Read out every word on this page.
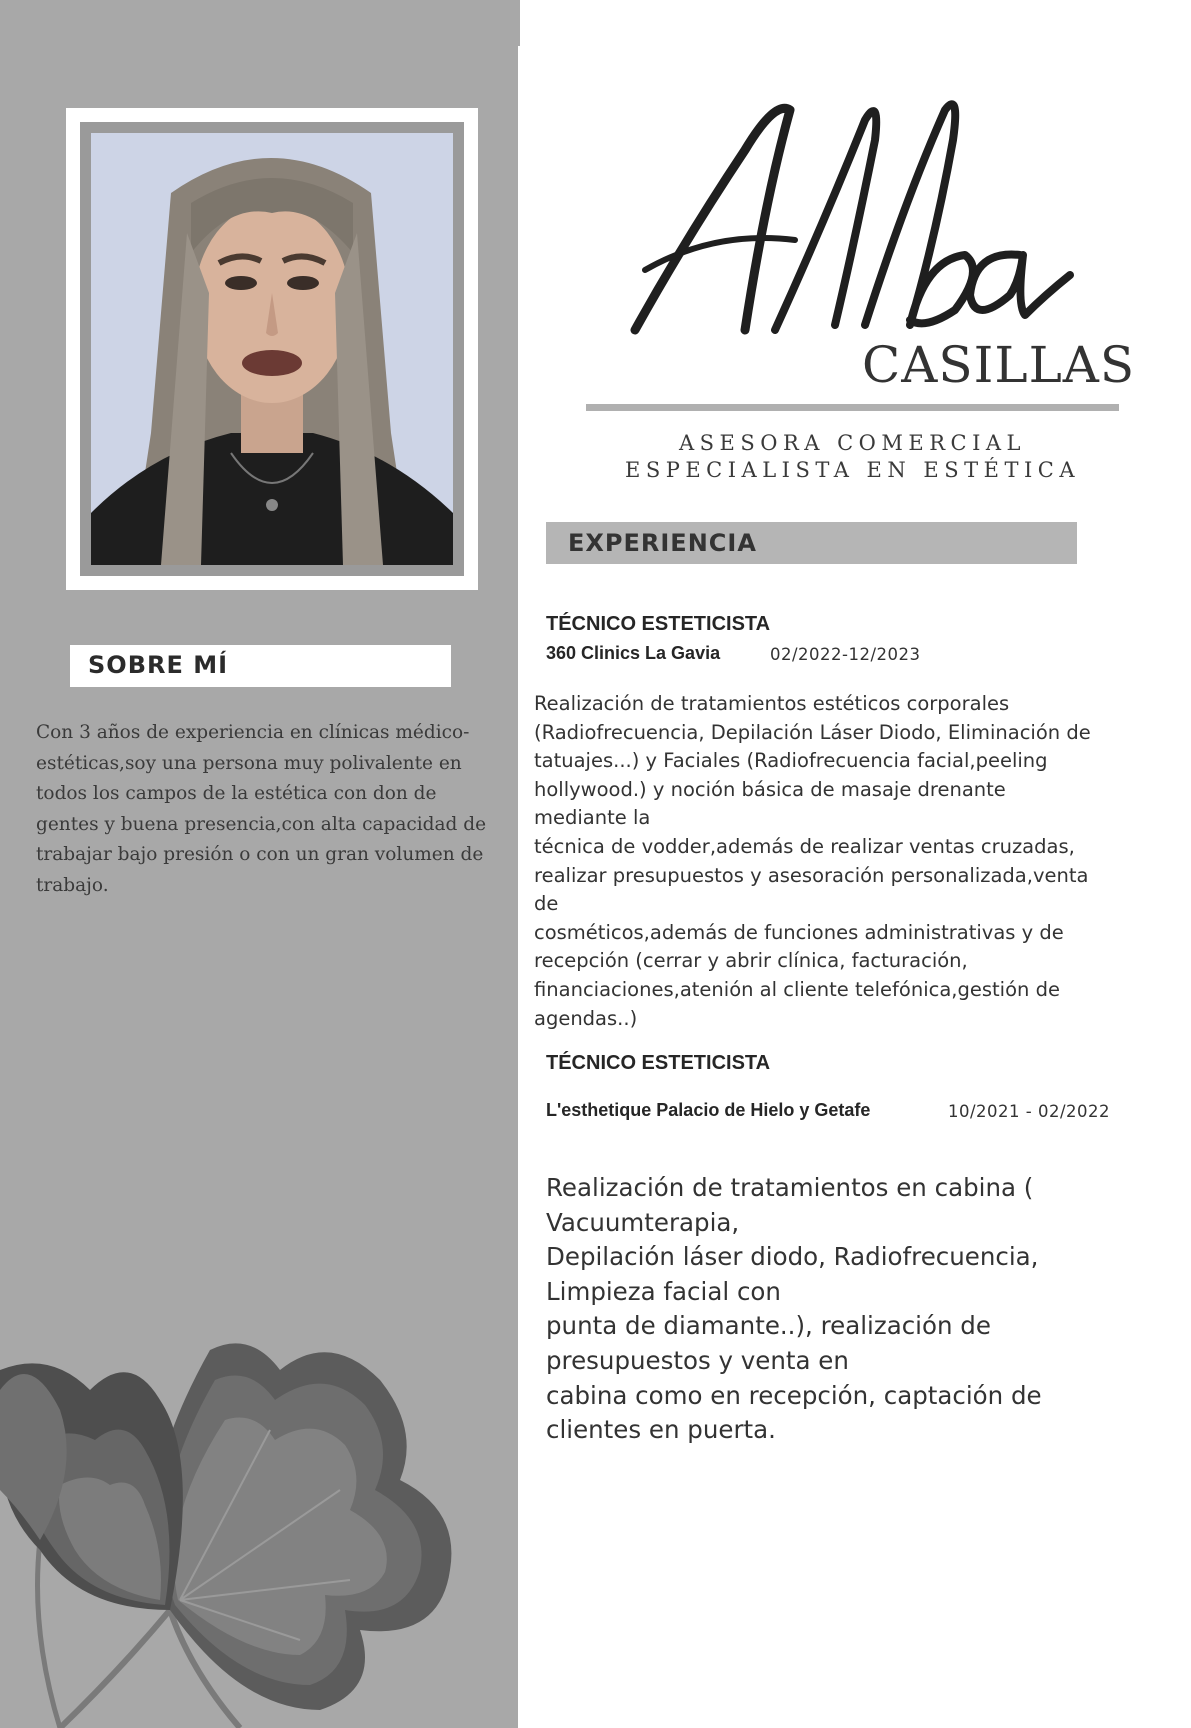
SOBRE MÍ

Con 3 años de experiencia en clínicas médico-estéticas,soy una persona muy polivalente en todos los campos de la estética con don de gentes y buena presencia,con alta capacidad de trabajar bajo presión o con un gran volumen de trabajo.

Alba
CASILLAS

ASESORA COMERCIAL
ESPECIALISTA EN ESTÉTICA

EXPERIENCIA
TÉCNICO ESTETICISTA
360 Clinics La Gavia	02/2022-12/2023
Realización de tratamientos estéticos corporales
(Radiofrecuencia, Depilación Láser Diodo, Eliminación de
tatuajes...) y Faciales (Radiofrecuencia facial,peeling
hollywood.) y noción básica de masaje drenante
mediante la
técnica de vodder,además de realizar ventas cruzadas,
realizar presupuestos y asesoración personalizada,venta
de
cosméticos,además de funciones administrativas y de
recepción (cerrar y abrir clínica, facturación,
financiaciones,atenión al cliente telefónica,gestión de
agendas..)
TÉCNICO ESTETICISTA
L'esthetique Palacio de Hielo y Getafe	10/2021 - 02/2022
Realización de tratamientos en cabina (
Vacuumterapia,
Depilación láser diodo, Radiofrecuencia,
Limpieza facial con
punta de diamante..), realización de
presupuestos y venta en
cabina como en recepción, captación de
clientes en puerta.
